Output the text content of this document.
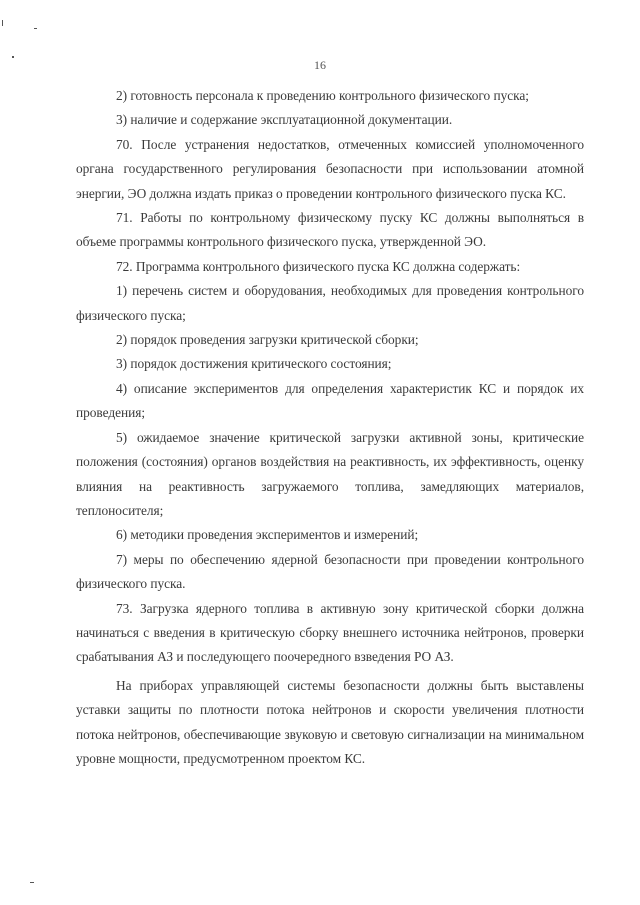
16

2) готовность персонала к проведению контрольного физического пуска;

3) наличие и содержание эксплуатационной документации.

70. После устранения недостатков, отмеченных комиссией уполномоченного органа государственного регулирования безопасности при использовании атомной энергии, ЭО должна издать приказ о проведении контрольного физического пуска КС.

71. Работы по контрольному физическому пуску КС должны выполняться в объеме программы контрольного физического пуска, утвержденной ЭО.

72. Программа контрольного физического пуска КС должна содержать:

1) перечень систем и оборудования, необходимых для проведения контрольного физического пуска;

2) порядок проведения загрузки критической сборки;

3) порядок достижения критического состояния;

4) описание экспериментов для определения характеристик КС и порядок их проведения;

5) ожидаемое значение критической загрузки активной зоны, критические положения (состояния) органов воздействия на реактивность, их эффективность, оценку влияния на реактивность загружаемого топлива, замедляющих материалов, теплоносителя;

6) методики проведения экспериментов и измерений;

7) меры по обеспечению ядерной безопасности при проведении контрольного физического пуска.

73. Загрузка ядерного топлива в активную зону критической сборки должна начинаться с введения в критическую сборку внешнего источника нейтронов, проверки срабатывания АЗ и последующего поочередного взведения РО АЗ.

На приборах управляющей системы безопасности должны быть выставлены уставки защиты по плотности потока нейтронов и скорости увеличения плотности потока нейтронов, обеспечивающие звуковую и световую сигнализации на минимальном уровне мощности, предусмотренном проектом КС.
